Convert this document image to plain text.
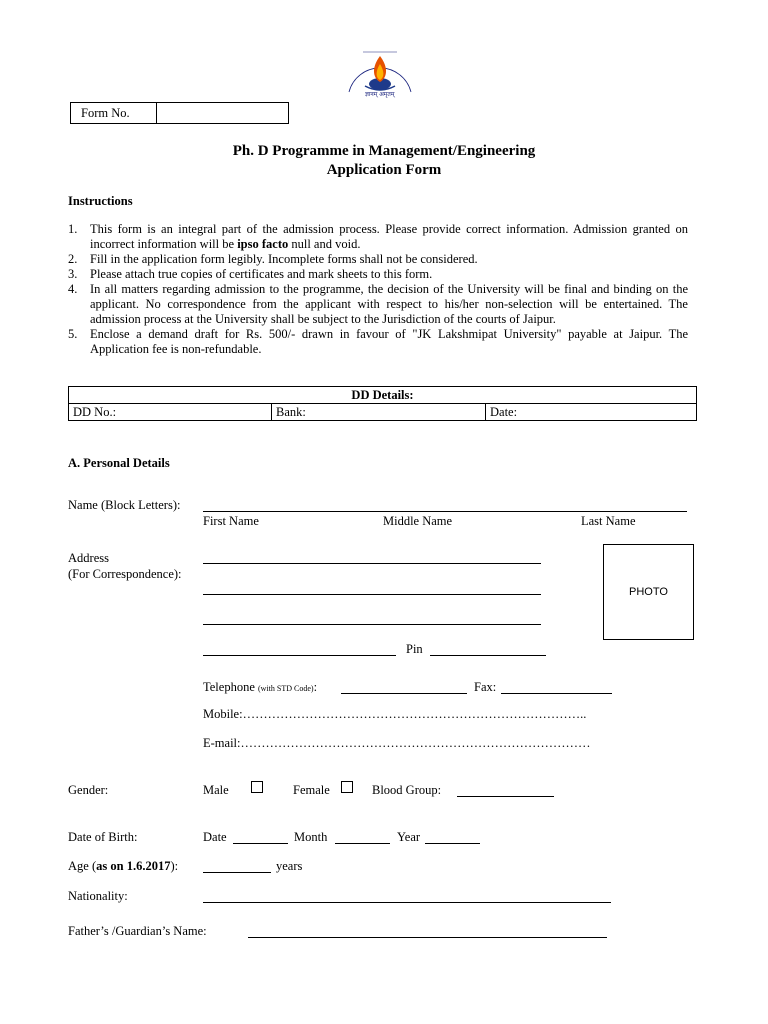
ज्ञानम् अमृतम्
Form No.
Ph. D Programme in Management/Engineering
Application Form
Instructions
1.	This form is an integral part of the admission process. Please provide correct information. Admission granted on incorrect information will be ipso facto null and void.
2.	Fill in the application form legibly. Incomplete forms shall not be considered.
3.	Please attach true copies of certificates and mark sheets to this form.
4.	In all matters regarding admission to the programme, the decision of the University will be final and binding on the applicant. No correspondence from the applicant with respect to his/her non-selection will be entertained. The admission process at the University shall be subject to the Jurisdiction of the courts of Jaipur.
5.	Enclose a demand draft for Rs. 500/- drawn in favour of "JK Lakshmipat University" payable at Jaipur. The Application fee is non-refundable.
DD Details:
DD No.:	Bank:	Date:
A. Personal Details
Name (Block Letters):
First Name	Middle Name	Last Name
Address
(For Correspondence):
Pin
PHOTO
Telephone (with STD Code):	Fax:
Mobile:………………………………………………………………………..
E-mail:…………………………………………………………………………
Gender:	Male	Female	Blood Group:
Date of Birth:	Date	Month	Year
Age (as on 1.6.2017):	years
Nationality:
Father’s /Guardian’s Name:
